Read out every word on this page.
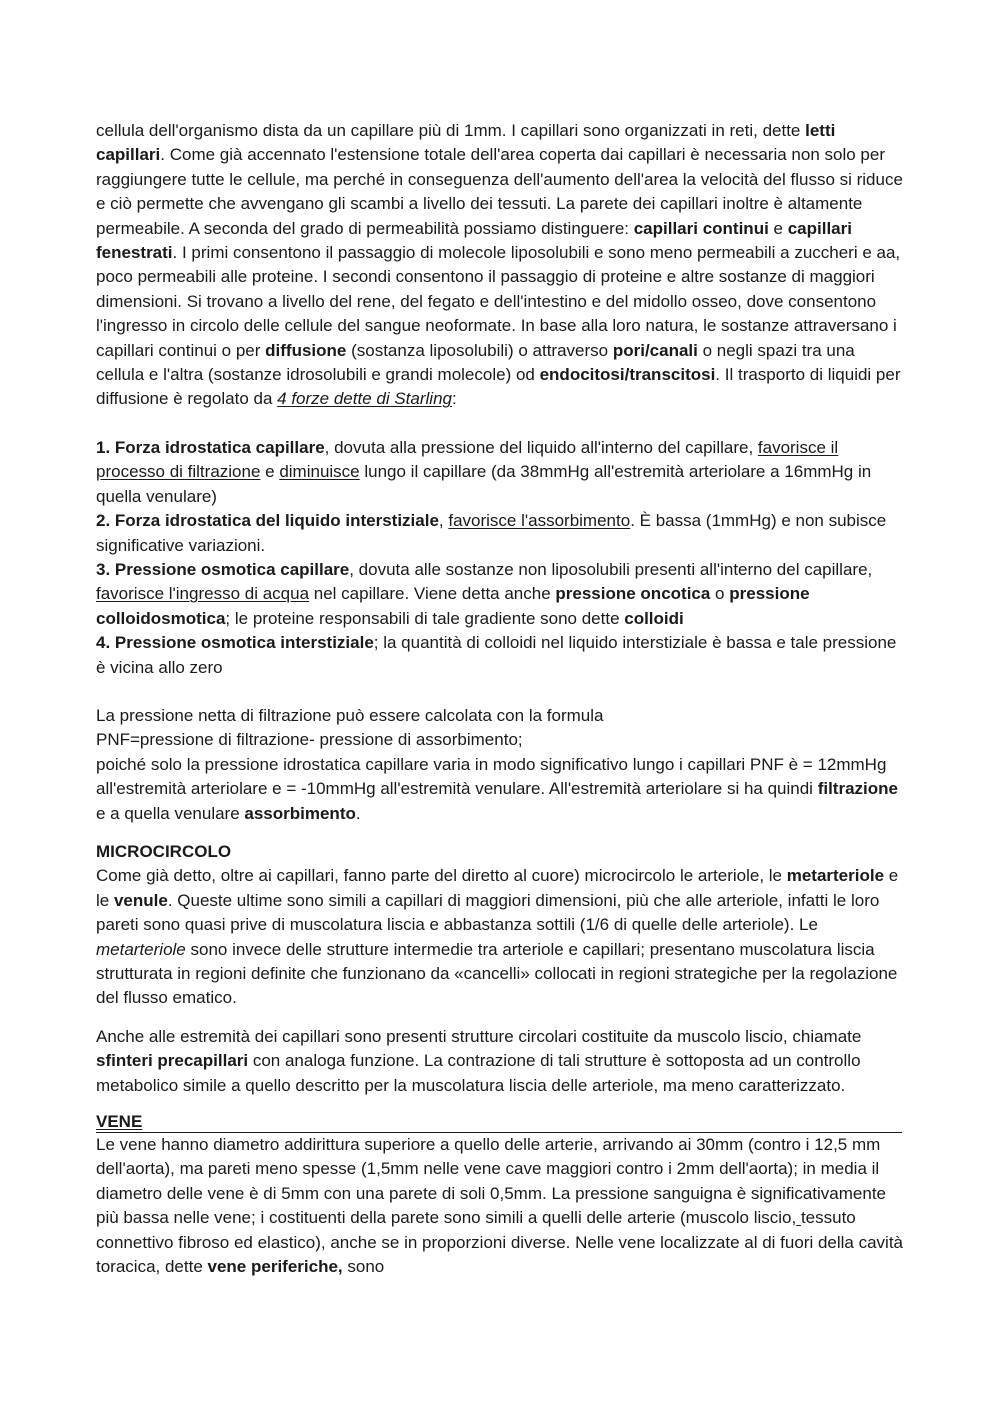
cellula dell'organismo dista da un capillare più di 1mm. I capillari sono organizzati in reti, dette letti capillari. Come già accennato l'estensione totale dell'area coperta dai capillari è necessaria non solo per raggiungere tutte le cellule, ma perché in conseguenza dell'aumento dell'area la velocità del flusso si riduce e ciò permette che avvengano gli scambi a livello dei tessuti. La parete dei capillari inoltre è altamente permeabile. A seconda del grado di permeabilità possiamo distinguere: capillari continui e capillari fenestrati. I primi consentono il passaggio di molecole liposolubili e sono meno permeabili a zuccheri e aa, poco permeabili alle proteine. I secondi consentono il passaggio di proteine e altre sostanze di maggiori dimensioni. Si trovano a livello del rene, del fegato e dell'intestino e del midollo osseo, dove consentono l'ingresso in circolo delle cellule del sangue neoformate. In base alla loro natura, le sostanze attraversano i capillari continui o per diffusione (sostanza liposolubili) o attraverso pori/canali o negli spazi tra una cellula e l'altra (sostanze idrosolubili e grandi molecole) od endocitosi/transcitosi. Il trasporto di liquidi per diffusione è regolato da 4 forze dette di Starling:

1. Forza idrostatica capillare, dovuta alla pressione del liquido all'interno del capillare, favorisce il processo di filtrazione e diminuisce lungo il capillare (da 38mmHg all'estremità arteriolare a 16mmHg in quella venulare)

2. Forza idrostatica del liquido interstiziale, favorisce l'assorbimento. È bassa (1mmHg) e non subisce significative variazioni.

3. Pressione osmotica capillare, dovuta alle sostanze non liposolubili presenti all'interno del capillare, favorisce l'ingresso di acqua nel capillare. Viene detta anche pressione oncotica o pressione colloidosmotica; le proteine responsabili di tale gradiente sono dette colloidi

4. Pressione osmotica interstiziale; la quantità di colloidi nel liquido interstiziale è bassa e tale pressione è vicina allo zero

La pressione netta di filtrazione può essere calcolata con la formula

PNF=pressione di filtrazione- pressione di assorbimento;

poiché solo la pressione idrostatica capillare varia in modo significativo lungo i capillari PNF è = 12mmHg all'estremità arteriolare e = -10mmHg all'estremità venulare. All'estremità arteriolare si ha quindi filtrazione e a quella venulare assorbimento.

MICROCIRCOLO

Come già detto, oltre ai capillari, fanno parte del diretto al cuore) microcircolo le arteriole, le metarteriole e le venule. Queste ultime sono simili a capillari di maggiori dimensioni, più che alle arteriole, infatti le loro pareti sono quasi prive di muscolatura liscia e abbastanza sottili (1/6 di quelle delle arteriole). Le metarteriole sono invece delle strutture intermedie tra arteriole e capillari; presentano muscolatura liscia strutturata in regioni definite che funzionano da «cancelli» collocati in regioni strategiche per la regolazione del flusso ematico.

Anche alle estremità dei capillari sono presenti strutture circolari costituite da muscolo liscio, chiamate sfinteri precapillari con analoga funzione. La contrazione di tali strutture è sottoposta ad un controllo metabolico simile a quello descritto per la muscolatura liscia delle arteriole, ma meno caratterizzato.

VENE

Le vene hanno diametro addirittura superiore a quello delle arterie, arrivando ai 30mm (contro i 12,5 mm dell'aorta), ma pareti meno spesse (1,5mm nelle vene cave maggiori contro i 2mm dell'aorta); in media il diametro delle vene è di 5mm con una parete di soli 0,5mm. La pressione sanguigna è significativamente più bassa nelle vene; i costituenti della parete sono simili a quelli delle arterie (muscolo liscio, tessuto connettivo fibroso ed elastico), anche se in proporzioni diverse. Nelle vene localizzate al di fuori della cavità toracica, dette vene periferiche, sono
